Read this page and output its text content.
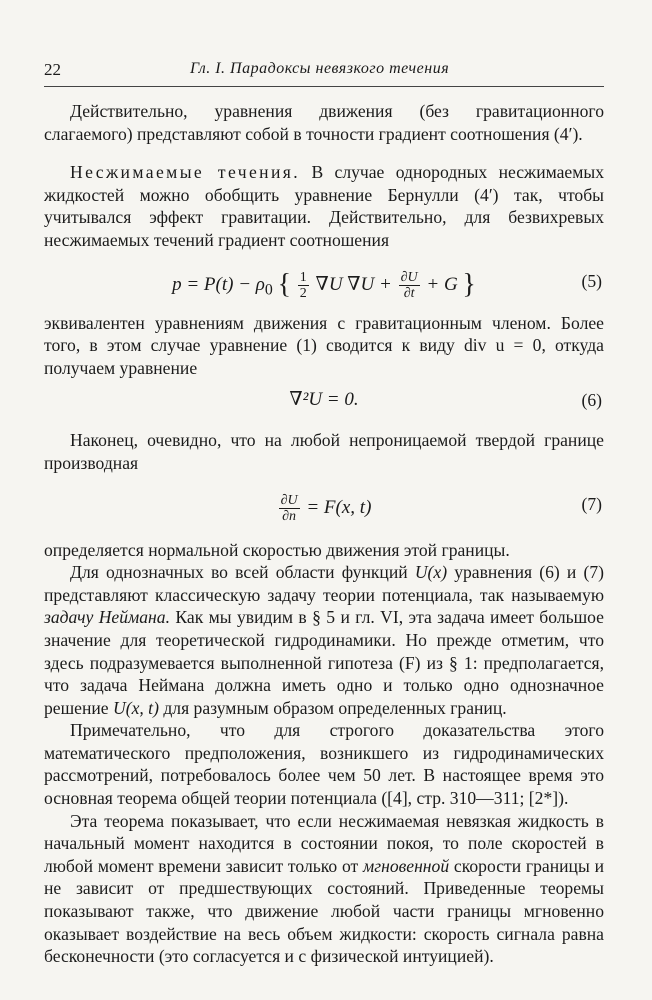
22	Гл. I. Парадоксы невязкого течения

Действительно, уравнения движения (без гравитационного слагаемого) представляют собой в точности градиент соотношения (4′).

Несжимаемые течения. В случае однородных несжимаемых жидкостей можно обобщить уравнение Бернулли (4′) так, чтобы учитывался эффект гравитации. Действительно, для безвихревых несжимаемых течений градиент соотношения

$p = P(t) - \rho_0$ { $\frac{1}{2} \nabla U$ $\nabla U + \frac{\partial U}{\partial t} + G$ }	(5)

эквивалентен уравнениям движения с гравитационным членом. Более того, в этом случае уравнение (1) сводится к виду div u = 0, откуда получаем уравнение

∇²U = 0.	(6)

Наконец, очевидно, что на любой непроницаемой твердой границе производная

$\frac{\partial U}{\partial n} = F(x$, t)	(7)

определяется нормальной скоростью движения этой границы.

Для однозначных во всей области функций U(x) уравнения (6) и (7) представляют классическую задачу теории потенциала, так называемую задачу Неймана. Как мы увидим в § 5 и гл. VI, эта задача имеет большое значение для теоретической гидродинамики. Но прежде отметим, что здесь подразумевается выполненной гипотеза (F) из § 1: предполагается, что задача Неймана должна иметь одно и только одно однозначное решение U(x, t) для разумным образом определенных границ.

Примечательно, что для строгого доказательства этого математического предположения, возникшего из гидродинамических рассмотрений, потребовалось более чем 50 лет. В настоящее время это основная теорема общей теории потенциала ([4], стр. 310—311; [2*]).

Эта теорема показывает, что если несжимаемая невязкая жидкость в начальный момент находится в состоянии покоя, то поле скоростей в любой момент времени зависит только от мгновенной скорости границы и не зависит от предшествующих состояний. Приведенные теоремы показывают также, что движение любой части границы мгновенно оказывает воздействие на весь объем жидкости: скорость сигнала равна бесконечности (это согласуется и с физической интуицией).
